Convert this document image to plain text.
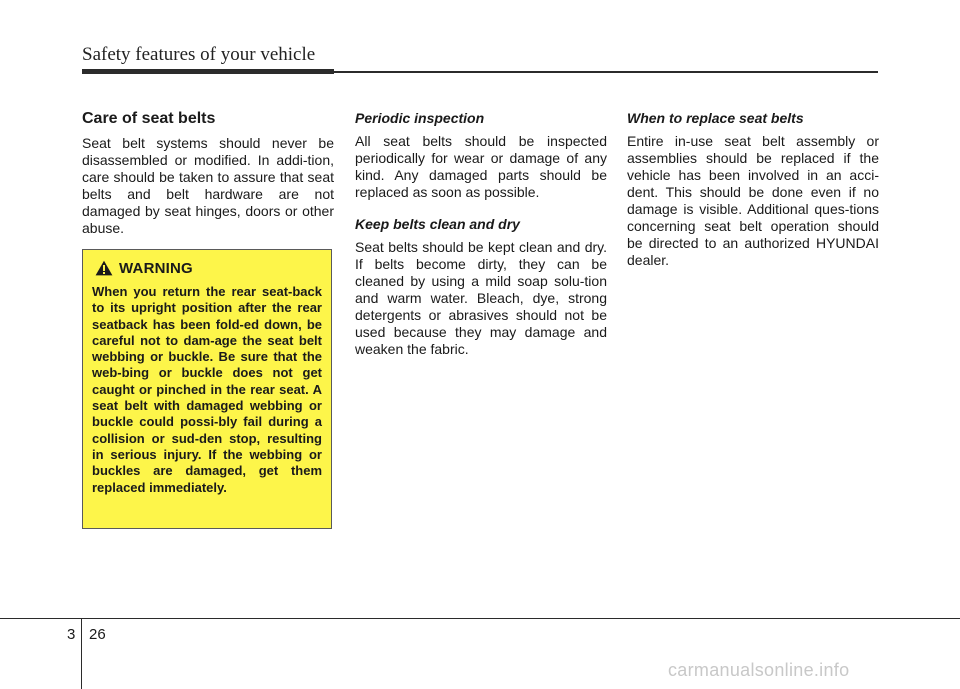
Safety features of your vehicle
Care of seat belts

Seat belt systems should never be disassembled or modified. In addi-tion, care should be taken to assure that seat belts and belt hardware are not damaged by seat hinges, doors or other abuse.

WARNING

When you return the rear seat-back to its upright position after the rear seatback has been fold-ed down, be careful not to dam-age the seat belt webbing or buckle. Be sure that the web-bing or buckle does not get caught or pinched in the rear seat. A seat belt with damaged webbing or buckle could possi-bly fail during a collision or sud-den stop, resulting in serious injury. If the webbing or buckles are damaged, get them replaced immediately.

Periodic inspection

All seat belts should be inspected periodically for wear or damage of any kind. Any damaged parts should be replaced as soon as possible.

Keep belts clean and dry

Seat belts should be kept clean and dry. If belts become dirty, they can be cleaned by using a mild soap solu-tion and warm water. Bleach, dye, strong detergents or abrasives should not be used because they may damage and weaken the fabric.

When to replace seat belts

Entire in-use seat belt assembly or assemblies should be replaced if the vehicle has been involved in an acci-dent. This should be done even if no damage is visible. Additional ques-tions concerning seat belt operation should be directed to an authorized HYUNDAI dealer.

3 26
carmanualsonline.info
